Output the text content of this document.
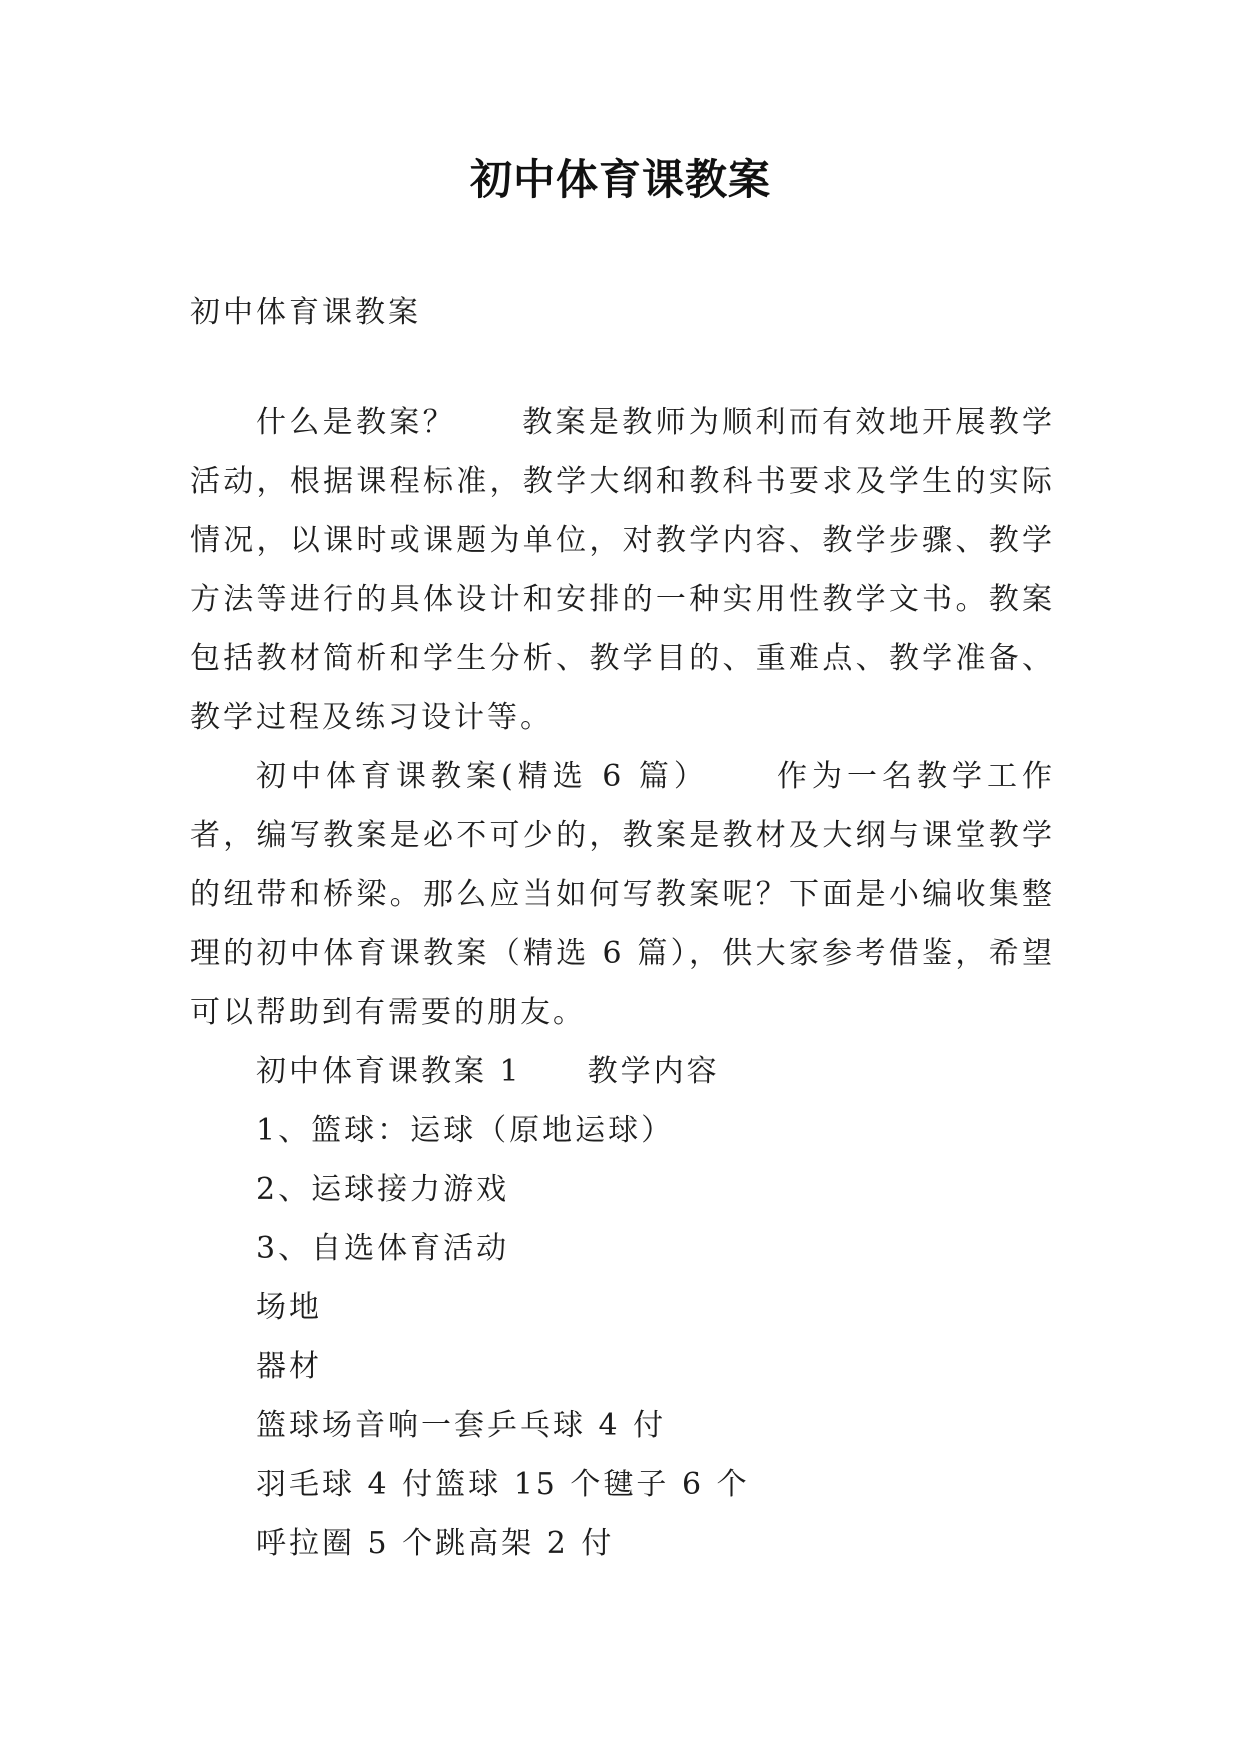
初中体育课教案

初中体育课教案

什么是教案？ 教案是教师为顺利而有效地开展教学活动，根据课程标准，教学大纲和教科书要求及学生的实际情况，以课时或课题为单位，对教学内容、教学步骤、教学方法等进行的具体设计和安排的一种实用性教学文书。教案包括教材简析和学生分析、教学目的、重难点、教学准备、教学过程及练习设计等。

初中体育课教案(精选 6 篇） 作为一名教学工作者，编写教案是必不可少的，教案是教材及大纲与课堂教学的纽带和桥梁。那么应当如何写教案呢？下面是小编收集整理的初中体育课教案（精选 6 篇），供大家参考借鉴，希望可以帮助到有需要的朋友。

初中体育课教案 1 教学内容

1、篮球：运球（原地运球）

2、运球接力游戏

3、自选体育活动

场地

器材

篮球场音响一套乒乓球 4 付

羽毛球 4 付篮球 15 个毽子 6 个

呼拉圈 5 个跳高架 2 付
